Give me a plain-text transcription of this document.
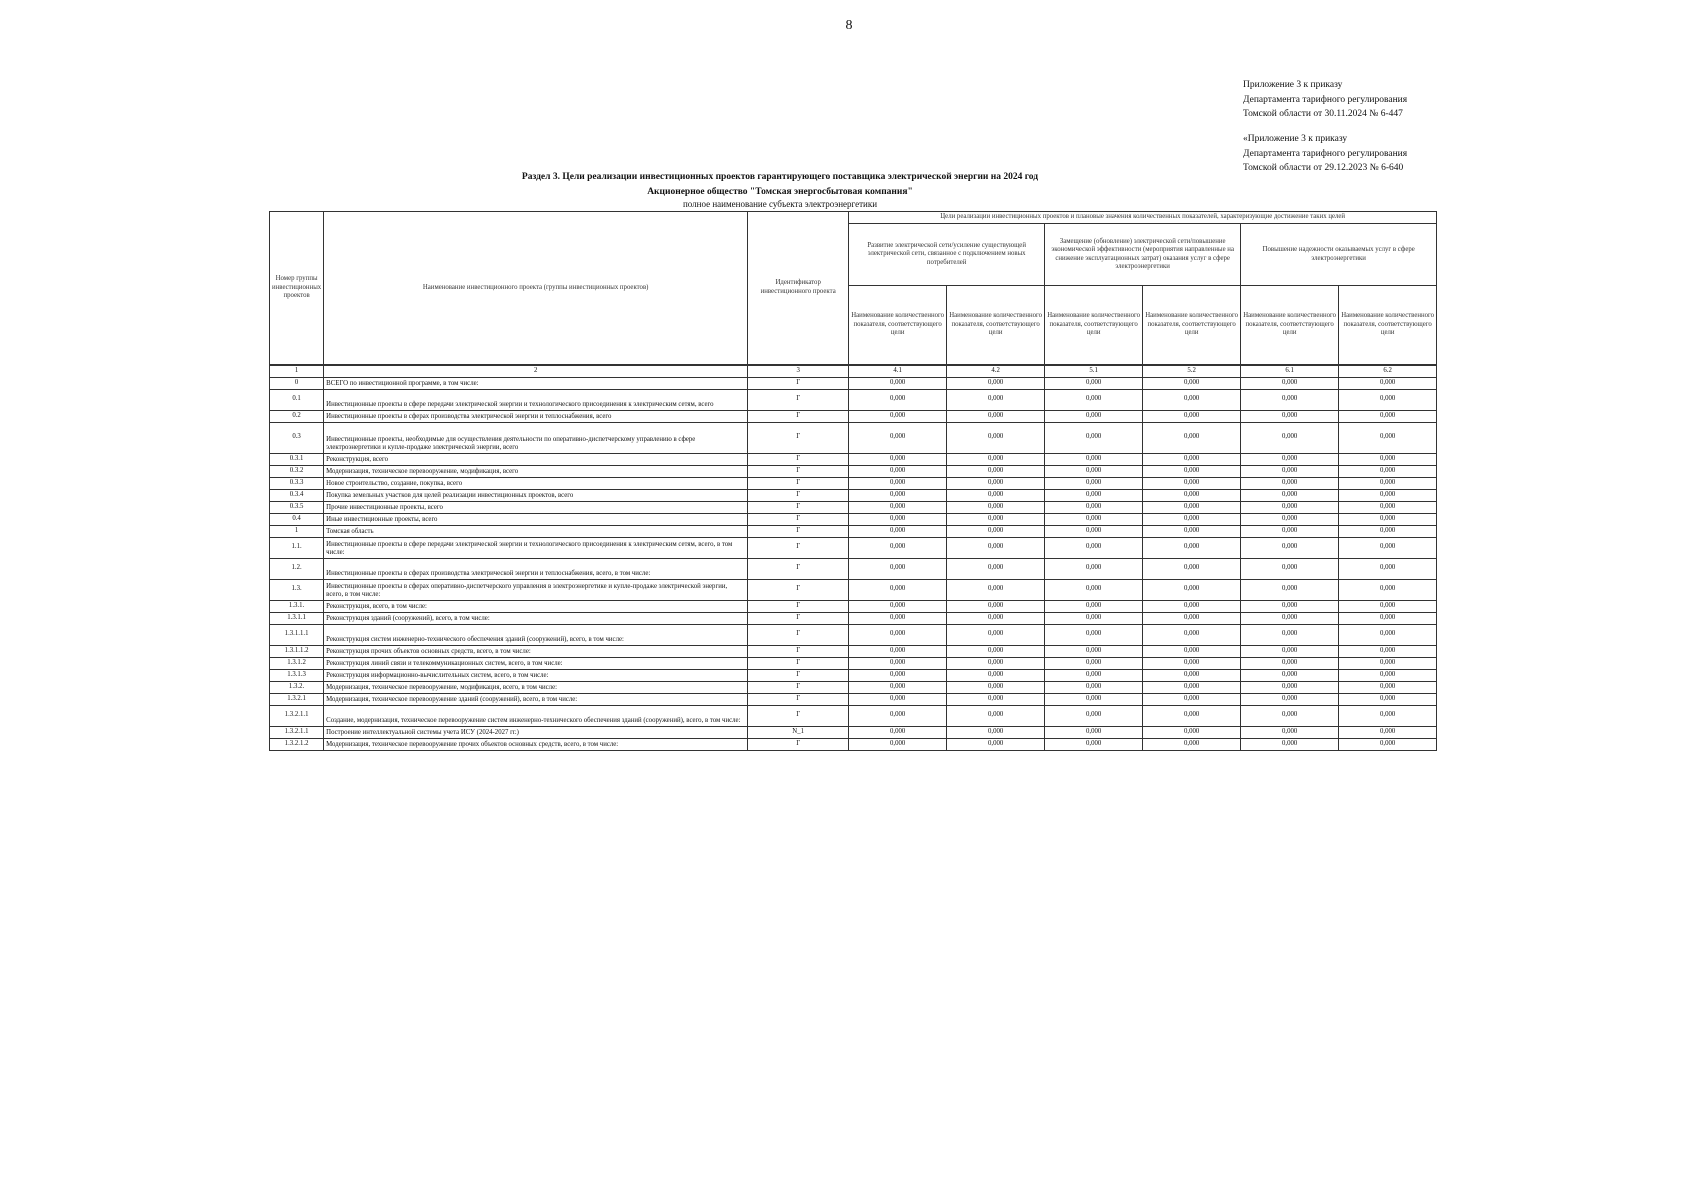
8
Приложение 3 к приказу
Департамента тарифного регулирования
Томской области от 30.11.2024 № 6-447
«Приложение 3 к приказу
Департамента тарифного регулирования
Томской области от 29.12.2023 № 6-640
Раздел 3. Цели реализации инвестиционных проектов гарантирующего поставщика электрической энергии на 2024 год
Акционерное общество "Томская энергосбытовая компания"
полное наименование субъекта электроэнергетики
Номер группы инвестиционных проектов	Наименование инвестиционного проекта (группы инвестиционных проектов)	Идентификатор инвестиционного проекта	Цели реализации инвестиционных проектов и плановые значения количественных показателей, характеризующие достижение таких целей					
			Развитие электрической сети/усиление существующей электрической сети, связанное с подключением новых потребителей		Замещение (обновление) электрической сети/повышение экономической эффективности (мероприятия направленные на снижение эксплуатационных затрат) оказания услуг в сфере электроэнергетики		Повышение надежности оказываемых услуг в сфере электроэнергетики	
			Наименование количественного показателя, соответствующего цели	Наименование количественного показателя, соответствующего цели	Наименование количественного показателя, соответствующего цели	Наименование количественного показателя, соответствующего цели	Наименование количественного показателя, соответствующего цели	Наименование количественного показателя, соответствующего цели
1	2	3	4.1	4.2	5.1	5.2	6.1	6.2
0	ВСЕГО по инвестиционной программе, в том числе:	Г	0,000	0,000	0,000	0,000	0,000	0,000
0.1	Инвестиционные проекты в сфере передачи электрической энергии и технологического присоединения к электрическим сетям, всего	Г	0,000	0,000	0,000	0,000	0,000	0,000
0.2	Инвестиционные проекты в сферах производства электрической энергии и теплоснабжения, всего	Г	0,000	0,000	0,000	0,000	0,000	0,000
0.3	Инвестиционные проекты, необходимые для осуществления деятельности по оперативно-диспетчерскому управлению в сфере электроэнергетики и купле-продаже электрической энергии, всего	Г	0,000	0,000	0,000	0,000	0,000	0,000
0.3.1	Реконструкция, всего	Г	0,000	0,000	0,000	0,000	0,000	0,000
0.3.2	Модернизация, техническое перевооружение, модификация, всего	Г	0,000	0,000	0,000	0,000	0,000	0,000
0.3.3	Новое строительство, создание, покупка, всего	Г	0,000	0,000	0,000	0,000	0,000	0,000
0.3.4	Покупка земельных участков для целей реализации инвестиционных проектов, всего	Г	0,000	0,000	0,000	0,000	0,000	0,000
0.3.5	Прочие инвестиционные проекты, всего	Г	0,000	0,000	0,000	0,000	0,000	0,000
0.4	Иные инвестиционные проекты, всего	Г	0,000	0,000	0,000	0,000	0,000	0,000
1	Томская область	Г	0,000	0,000	0,000	0,000	0,000	0,000
1.1.	Инвестиционные проекты в сфере передачи электрической энергии и технологического присоединения к электрическим сетям, всего, в том числе:	Г	0,000	0,000	0,000	0,000	0,000	0,000
1.2.	Инвестиционные проекты в сферах производства электрической энергии и теплоснабжения, всего, в том числе:	Г	0,000	0,000	0,000	0,000	0,000	0,000
1.3.	Инвестиционные проекты в сферах оперативно-диспетчерского управления в электроэнергетике и купле-продаже электрической энергии, всего, в том числе:	Г	0,000	0,000	0,000	0,000	0,000	0,000
1.3.1.	Реконструкция, всего, в том числе:	Г	0,000	0,000	0,000	0,000	0,000	0,000
1.3.1.1	Реконструкция зданий (сооружений), всего, в том числе:	Г	0,000	0,000	0,000	0,000	0,000	0,000
1.3.1.1.1	Реконструкция систем инженерно-технического обеспечения зданий (сооружений), всего, в том числе:	Г	0,000	0,000	0,000	0,000	0,000	0,000
1.3.1.1.2	Реконструкция прочих объектов основных средств, всего, в том числе:	Г	0,000	0,000	0,000	0,000	0,000	0,000
1.3.1.2	Реконструкция линий связи и телекоммуникационных систем, всего, в том числе:	Г	0,000	0,000	0,000	0,000	0,000	0,000
1.3.1.3	Реконструкция информационно-вычислительных систем, всего, в том числе:	Г	0,000	0,000	0,000	0,000	0,000	0,000
1.3.2.	Модернизация, техническое перевооружение, модификация, всего, в том числе:	Г	0,000	0,000	0,000	0,000	0,000	0,000
1.3.2.1	Модернизация, техническое перевооружение зданий (сооружений), всего, в том числе:	Г	0,000	0,000	0,000	0,000	0,000	0,000
1.3.2.1.1	Создание, модернизация, техническое перевооружение систем инженерно-технического обеспечения зданий (сооружений), всего, в том числе:	Г	0,000	0,000	0,000	0,000	0,000	0,000
1.3.2.1.1	Построение интеллектуальной системы учета ИСУ (2024-2027 гг.)	N_1	0,000	0,000	0,000	0,000	0,000	0,000
1.3.2.1.2	Модернизация, техническое перевооружение прочих объектов основных средств, всего, в том числе:	Г	0,000	0,000	0,000	0,000	0,000	0,000
